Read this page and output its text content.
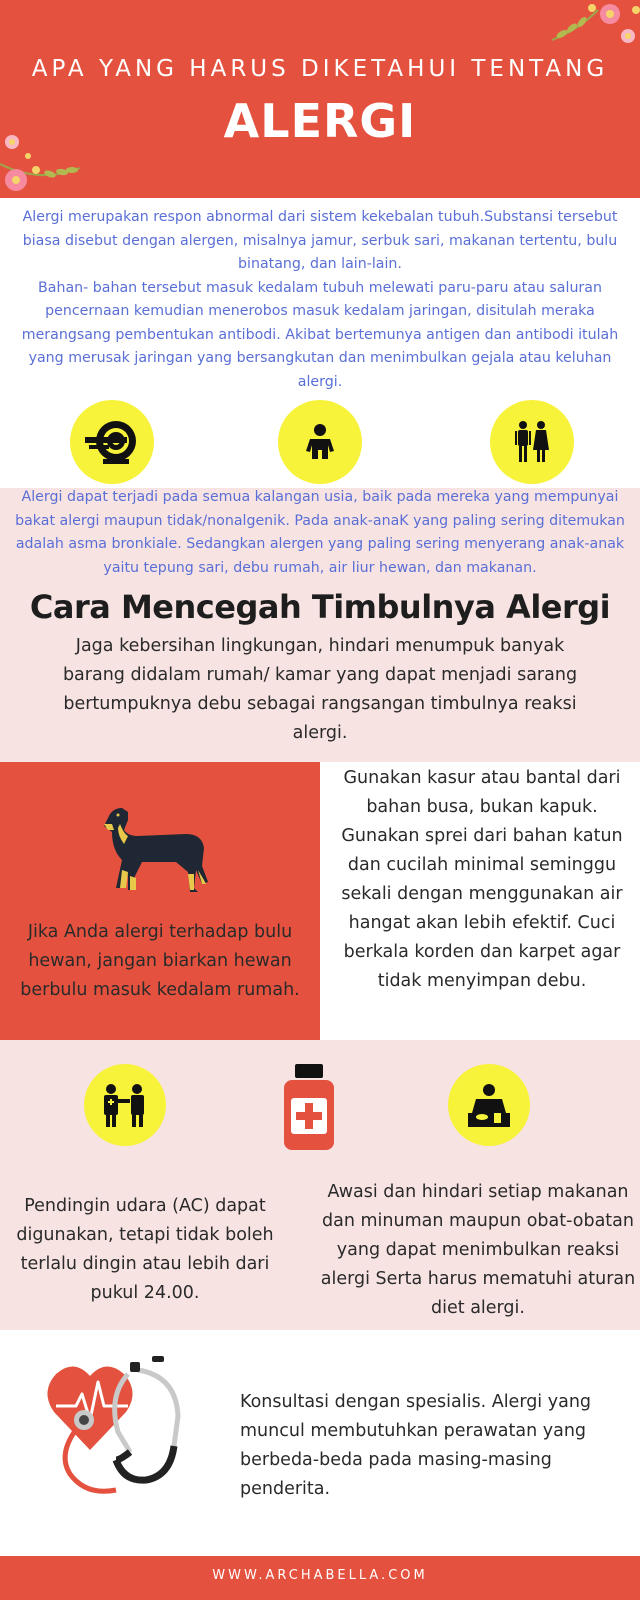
APA YANG HARUS DIKETAHUI TENTANG
ALERGI

Alergi merupakan respon abnormal dari sistem kekebalan tubuh.Substansi tersebut biasa disebut dengan alergen, misalnya jamur, serbuk sari, makanan tertentu, bulu binatang, dan lain-lain.

Bahan- bahan tersebut masuk kedalam tubuh melewati paru-paru atau saluran pencernaan kemudian menerobos masuk kedalam jaringan, disitulah meraka merangsang pembentukan antibodi. Akibat bertemunya antigen dan antibodi itulah yang merusak jaringan yang bersangkutan dan menimbulkan gejala atau keluhan alergi.

Alergi dapat terjadi pada semua kalangan usia, baik pada mereka yang mempunyai bakat alergi maupun tidak/nonalgenik. Pada anak-anaK yang paling sering ditemukan adalah asma bronkiale. Sedangkan alergen yang paling sering menyerang anak-anak yaitu tepung sari, debu rumah, air liur hewan, dan makanan.

Cara Mencegah Timbulnya Alergi

Jaga kebersihan lingkungan, hindari menumpuk banyak barang didalam rumah/ kamar yang dapat menjadi sarang bertumpuknya debu sebagai rangsangan timbulnya reaksi alergi.

Jika Anda alergi terhadap bulu hewan, jangan biarkan hewan berbulu masuk kedalam rumah.

Gunakan kasur atau bantal dari bahan busa, bukan kapuk. Gunakan sprei dari bahan katun dan cucilah minimal seminggu sekali dengan menggunakan air hangat akan lebih efektif. Cuci berkala korden dan karpet agar tidak menyimpan debu.

Pendingin udara (AC) dapat digunakan, tetapi tidak boleh terlalu dingin atau lebih dari pukul 24.00.

Awasi dan hindari setiap makanan dan minuman maupun obat-obatan yang dapat menimbulkan reaksi alergi Serta harus mematuhi aturan diet alergi.

Konsultasi dengan spesialis. Alergi yang muncul membutuhkan perawatan yang berbeda-beda pada masing-masing penderita.

WWW.ARCHABELLA.COM
